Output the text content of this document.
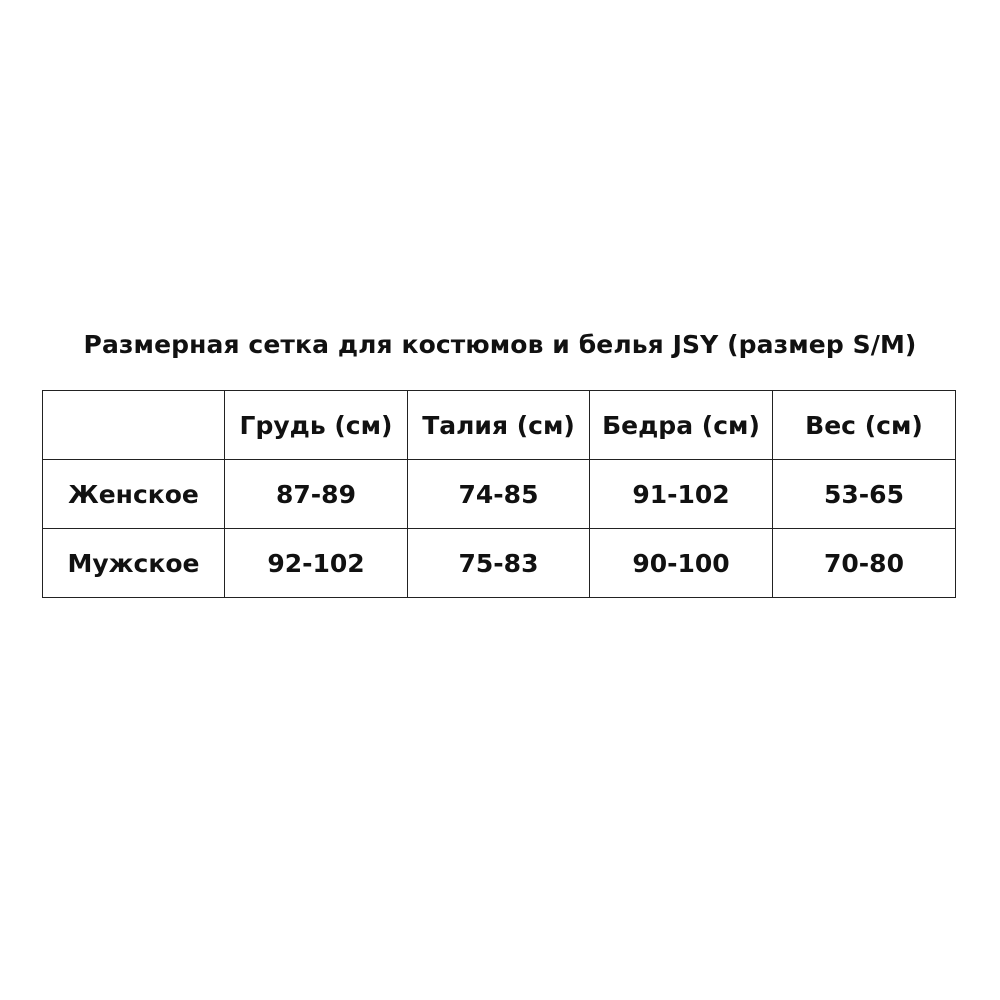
Размерная сетка для костюмов и белья JSY (размер S/M)
	Грудь (см)	Талия (см)	Бедра (см)	Вес (см)
Женское	87-89	74-85	91-102	53-65
Мужское	92-102	75-83	90-100	70-80
